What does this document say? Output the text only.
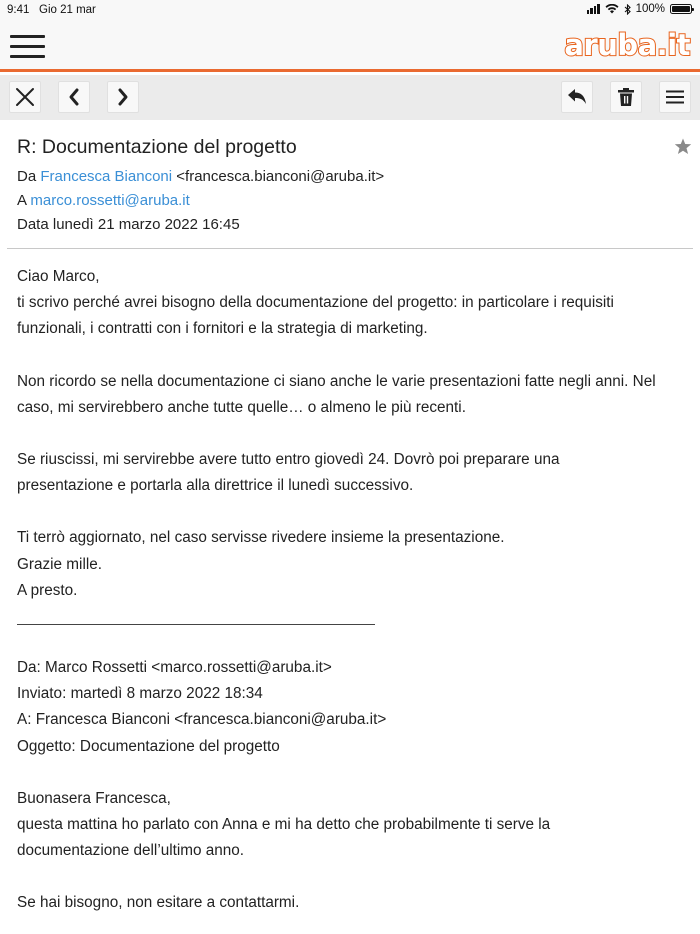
9:41 Gio 21 mar	100%
aruba.it
R: Documentazione del progetto
Da Francesca Bianconi <francesca.bianconi@aruba.it>
A marco.rossetti@aruba.it
Data lunedì 21 marzo 2022 16:45

Ciao Marco,

ti scrivo perché avrei bisogno della documentazione del progetto: in particolare i requisiti funzionali, i contratti con i fornitori e la strategia di marketing.

Non ricordo se nella documentazione ci siano anche le varie presentazioni fatte negli anni. Nel caso, mi servirebbero anche tutte quelle… o almeno le più recenti.

Se riuscissi, mi servirebbe avere tutto entro giovedì 24. Dovrò poi preparare una presentazione e portarla alla direttrice il lunedì successivo.

Ti terrò aggiornato, nel caso servisse rivedere insieme la presentazione.

Grazie mille.

A presto.

Da: Marco Rossetti <marco.rossetti@aruba.it>

Inviato: martedì 8 marzo 2022 18:34

A: Francesca Bianconi <francesca.bianconi@aruba.it>

Oggetto: Documentazione del progetto

Buonasera Francesca,

questa mattina ho parlato con Anna e mi ha detto che probabilmente ti serve la documentazione dell’ultimo anno.

Se hai bisogno, non esitare a contattarmi.
